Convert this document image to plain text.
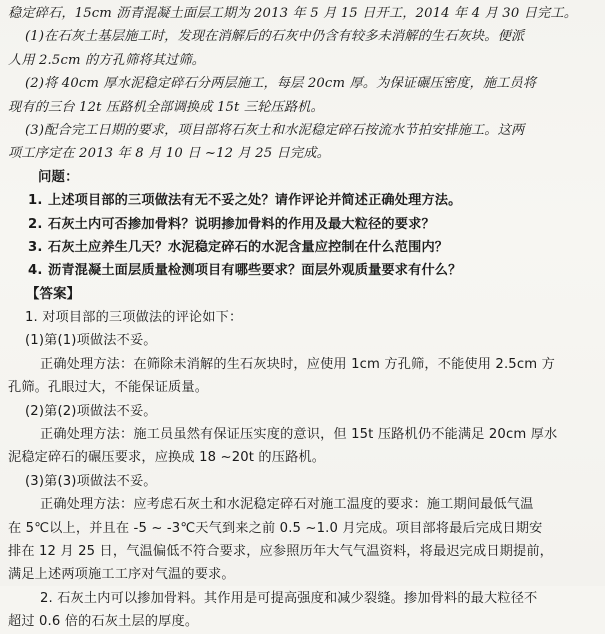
稳定碎石，15cm 沥青混凝土面层工期为 2013 年 5 月 15 日开工，2014 年 4 月 30 日完工。
(1)在石灰土基层施工时，发现在消解后的石灰中仍含有较多未消解的生石灰块。便派
人用 2.5cm 的方孔筛将其过筛。
(2)将 40cm 厚水泥稳定碎石分两层施工，每层 20cm 厚。为保证碾压密度，施工员将
现有的三台 12t 压路机全部调换成 15t 三轮压路机。
(3)配合完工日期的要求，项目部将石灰土和水泥稳定碎石按流水节拍安排施工。这两
项工序定在 2013 年 8 月 10 日 ~12 月 25 日完成。
问题：
1. 上述项目部的三项做法有无不妥之处？请作评论并简述正确处理方法。
2. 石灰土内可否掺加骨料？说明掺加骨料的作用及最大粒径的要求？
3. 石灰土应养生几天？水泥稳定碎石的水泥含量应控制在什么范围内？
4. 沥青混凝土面层质量检测项目有哪些要求？面层外观质量要求有什么？
【答案】
1. 对项目部的三项做法的评论如下：
(1)第(1)项做法不妥。
正确处理方法：在筛除未消解的生石灰块时，应使用 1cm 方孔筛，不能使用 2.5cm 方
孔筛。孔眼过大，不能保证质量。
(2)第(2)项做法不妥。
正确处理方法：施工员虽然有保证压实度的意识，但 15t 压路机仍不能满足 20cm 厚水
泥稳定碎石的碾压要求，应换成 18 ~20t 的压路机。
(3)第(3)项做法不妥。
正确处理方法：应考虑石灰土和水泥稳定碎石对施工温度的要求：施工期间最低气温
在 5℃以上，并且在 -5 ~ -3℃天气到来之前 0.5 ~1.0 月完成。项目部将最后完成日期安
排在 12 月 25 日，气温偏低不符合要求，应参照历年大气气温资料，将最迟完成日期提前，
满足上述两项施工工序对气温的要求。
2. 石灰土内可以掺加骨料。其作用是可提高强度和减少裂缝。掺加骨料的最大粒径不
超过 0.6 倍的石灰土层的厚度。
